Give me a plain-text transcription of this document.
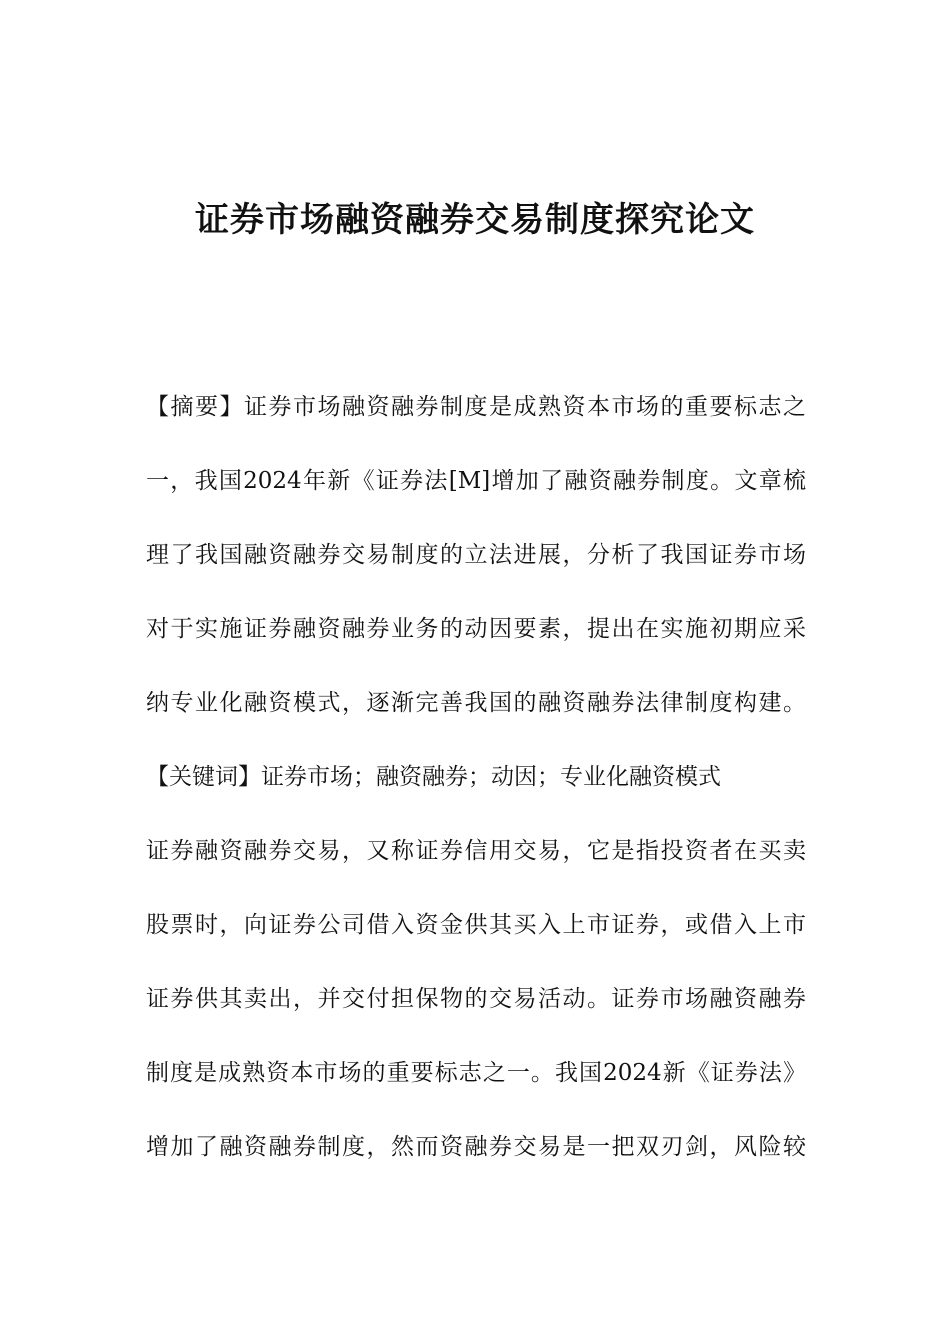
证券市场融资融券交易制度探究论文
【摘要】证券市场融资融券制度是成熟资本市场的重要标志之
一，我国2024年新《证券法[M]增加了融资融券制度。文章梳
理了我国融资融券交易制度的立法进展，分析了我国证券市场
对于实施证券融资融券业务的动因要素，提出在实施初期应采
纳专业化融资模式，逐渐完善我国的融资融券法律制度构建。
【关键词】证券市场；融资融券；动因；专业化融资模式
证券融资融券交易，又称证券信用交易，它是指投资者在买卖
股票时，向证券公司借入资金供其买入上市证券，或借入上市
证券供其卖出，并交付担保物的交易活动。证券市场融资融券
制度是成熟资本市场的重要标志之一。我国2024新《证券法》
增加了融资融券制度，然而资融券交易是一把双刃剑，风险较
